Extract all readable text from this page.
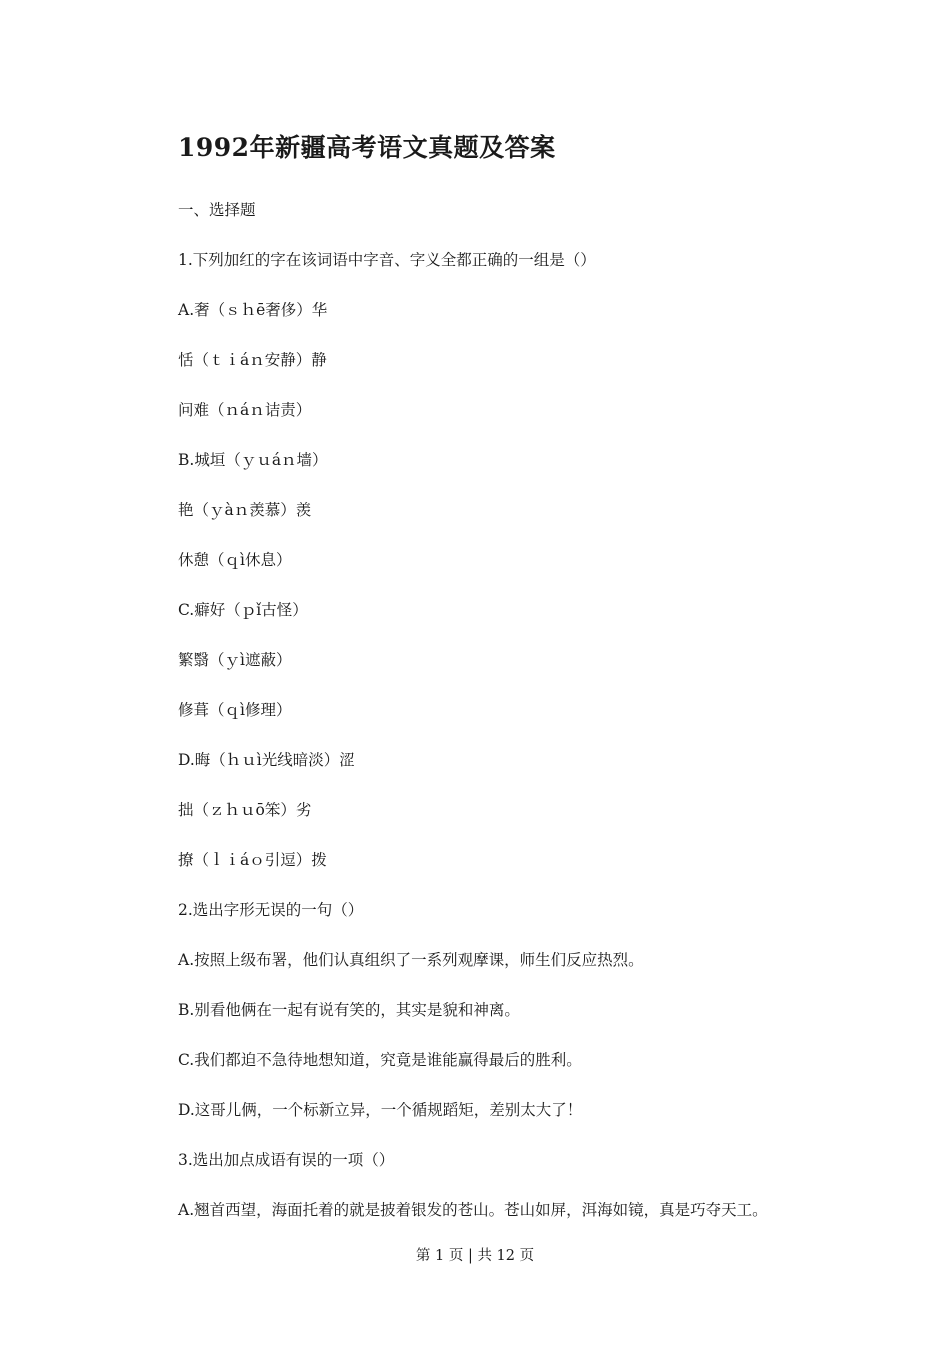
1992年新疆高考语文真题及答案
一、选择题
1.下列加红的字在该词语中字音、字义全都正确的一组是（）
A.奢（ｓｈē奢侈）华
恬（ｔｉáｎ安静）静
问难（ｎáｎ诘责）
B.城垣（ｙｕáｎ墙）
艳（ｙàｎ羡慕）羡
休憩（ｑì休息）
C.癖好（ｐǐ古怪）
繁翳（ｙì遮蔽）
修葺（ｑì修理）
D.晦（ｈｕì光线暗淡）涩
拙（ｚｈｕō笨）劣
撩（ｌｉáｏ引逗）拨
2.选出字形无误的一句（）
A.按照上级布署，他们认真组织了一系列观摩课，师生们反应热烈。
B.别看他俩在一起有说有笑的，其实是貌和神离。
C.我们都迫不急待地想知道，究竟是谁能赢得最后的胜利。
D.这哥儿俩，一个标新立异，一个循规蹈矩，差别太大了！
3.选出加点成语有误的一项（）
A.翘首西望，海面托着的就是披着银发的苍山。苍山如屏，洱海如镜，真是巧夺天工。
第 1 页 | 共 12 页
